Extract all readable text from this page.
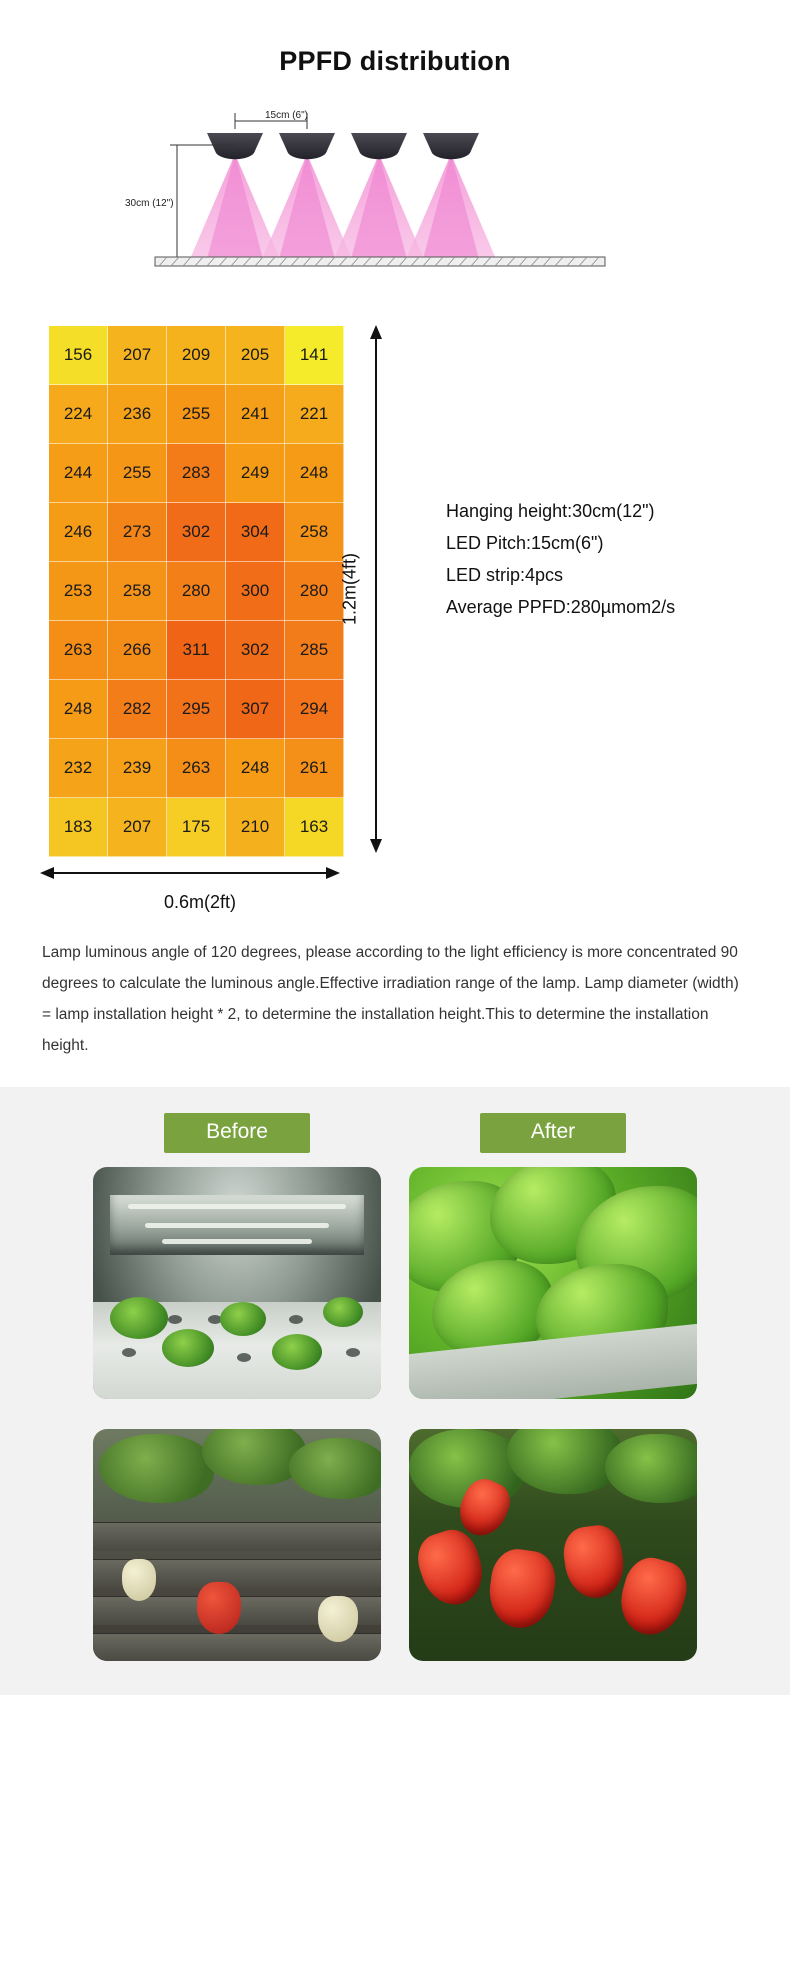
PPFD distribution
15cm (6")
30cm (12")
156	207	209	205	141
224	236	255	241	221
244	255	283	249	248
246	273	302	304	258
253	258	280	300	280
263	266	311	302	285
248	282	295	307	294
232	239	263	248	261
183	207	175	210	163
1.2m(4ft)
Hanging height:30cm(12")
LED Pitch:15cm(6")
LED strip:4pcs
Average PPFD:280µmom2/s
0.6m(2ft)
Lamp luminous angle of 120 degrees, please according to the light efficiency is more concentrated 90 degrees to calculate the luminous angle.Effective irradiation range of the lamp. Lamp diameter (width) = lamp installation height * 2, to determine the installation height.This to determine the installation height.
Before	After
